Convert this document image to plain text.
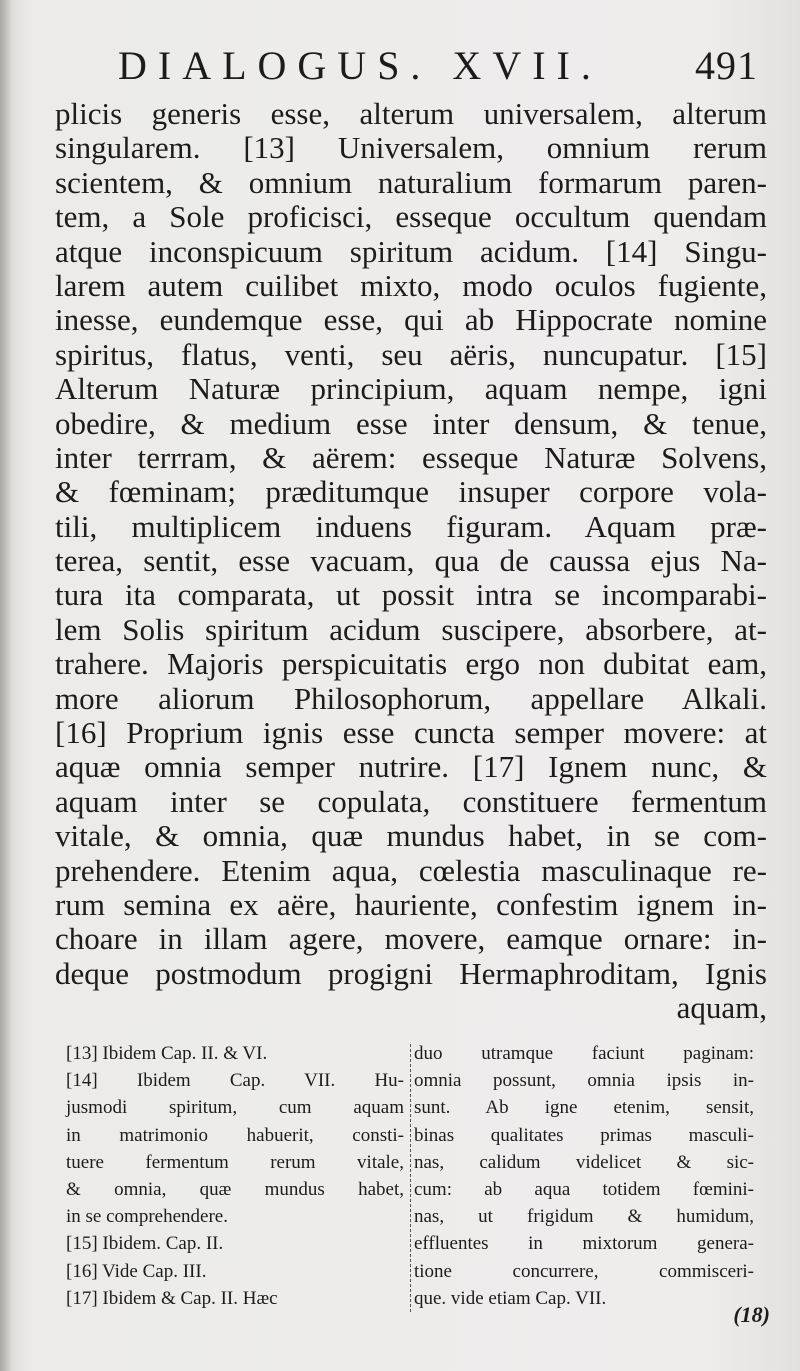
DIALOGUS. XVII. 491
plicis generis esse, alterum universalem, alterum
singularem. [13] Universalem, omnium rerum
scientem, & omnium naturalium formarum paren-
tem, a Sole proficisci, esseque occultum quendam
atque inconspicuum spiritum acidum. [14] Singu-
larem autem cuilibet mixto, modo oculos fugiente,
inesse, eundemque esse, qui ab Hippocrate nomine
spiritus, flatus, venti, seu aëris, nuncupatur. [15]
Alterum Naturæ principium, aquam nempe, igni
obedire, & medium esse inter densum, & tenue,
inter terrram, & aërem: esseque Naturæ Solvens,
& fœminam; præditumque insuper corpore vola-
tili, multiplicem induens figuram. Aquam præ-
terea, sentit, esse vacuam, qua de caussa ejus Na-
tura ita comparata, ut possit intra se incomparabi-
lem Solis spiritum acidum suscipere, absorbere, at-
trahere. Majoris perspicuitatis ergo non dubitat eam,
more aliorum Philosophorum, appellare Alkali.
[16] Proprium ignis esse cuncta semper movere: at
aquæ omnia semper nutrire. [17] Ignem nunc, &
aquam inter se copulata, constituere fermentum
vitale, & omnia, quæ mundus habet, in se com-
prehendere. Etenim aqua, cœlestia masculinaque re-
rum semina ex aëre, hauriente, confestim ignem in-
choare in illam agere, movere, eamque ornare: in-
deque postmodum progigni Hermaphroditam, Ignis
aquam,
[13] Ibidem Cap. II. & VI.
[14] Ibidem Cap. VII. Hu-
jusmodi spiritum, cum aquam
in matrimonio habuerit, consti-
tuere fermentum rerum vitale,
& omnia, quæ mundus habet,
in se comprehendere.
[15] Ibidem. Cap. II.
[16] Vide Cap. III.
[17] Ibidem & Cap. II. Hæc
duo utramque faciunt paginam:
omnia possunt, omnia ipsis in-
sunt. Ab igne etenim, sensit,
binas qualitates primas masculi-
nas, calidum videlicet & sic-
cum: ab aqua totidem fœmini-
nas, ut frigidum & humidum,
effluentes in mixtorum genera-
tione concurrere, commisceri-
que. vide etiam Cap. VII.
(18)
